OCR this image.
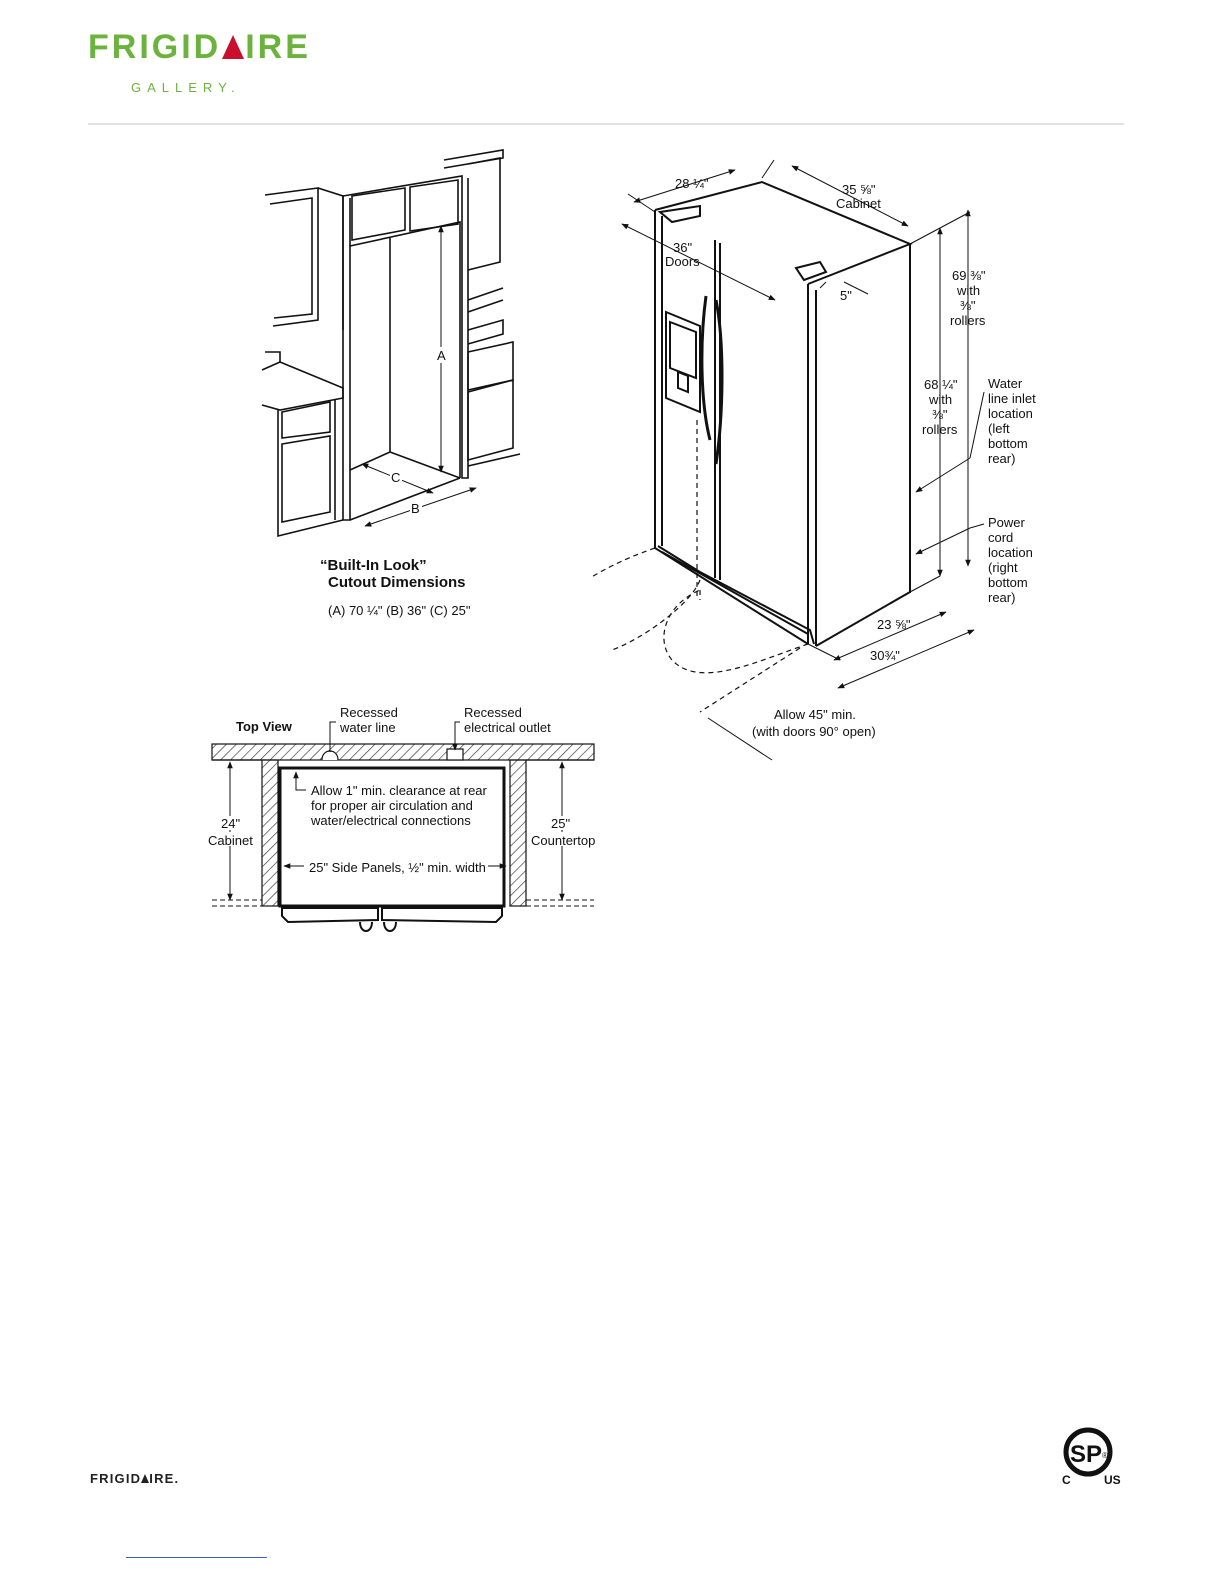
FRIGID IRE
GALLERY.
A
C
B
“Built-In Look”
Cutout Dimensions
(A) 70 ¼" (B) 36" (C) 25"
28 ¼"	35 ⅝"
Cabinet
36"
Doors
5"
69 ⅜"
with
⅜"
rollers
68 ¼"
with
⅜"
rollers
Water
line inlet
location
(left
bottom
rear)
Power
cord
location
(right
bottom
rear)
23 ⅝"
30¾"
Allow 45" min.
(with doors 90° open)
Top View
Recessed
water line
Recessed
electrical outlet
Allow 1" min. clearance at rear
for proper air circulation and
water/electrical connections
24"
Cabinet
25"
Countertop
25" Side Panels, ½" min. width
SP ®
C	US
FRIGID IRE.
